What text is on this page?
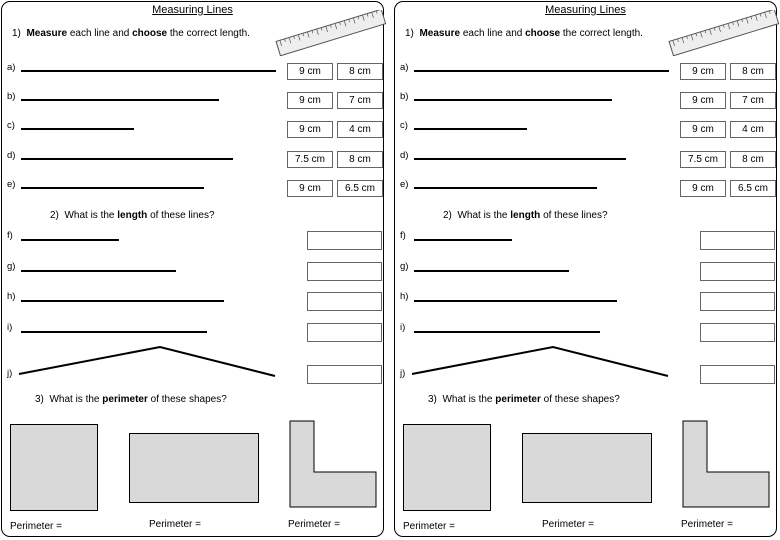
Measuring Lines
1) Measure each line and choose the correct length.
a)	9 cm	8 cm
b)	9 cm	7 cm
c)	9 cm	4 cm
d)	7.5 cm	8 cm
e)	9 cm	6.5 cm
2) What is the length of these lines?
f)
g)
h)
i)
j)
3) What is the perimeter of these shapes?
Perimeter =	Perimeter =	Perimeter =
Measuring Lines
1) Measure each line and choose the correct length.
a)	9 cm	8 cm
b)	9 cm	7 cm
c)	9 cm	4 cm
d)	7.5 cm	8 cm
e)	9 cm	6.5 cm
2) What is the length of these lines?
f)
g)
h)
i)
j)
3) What is the perimeter of these shapes?
Perimeter =	Perimeter =	Perimeter =
